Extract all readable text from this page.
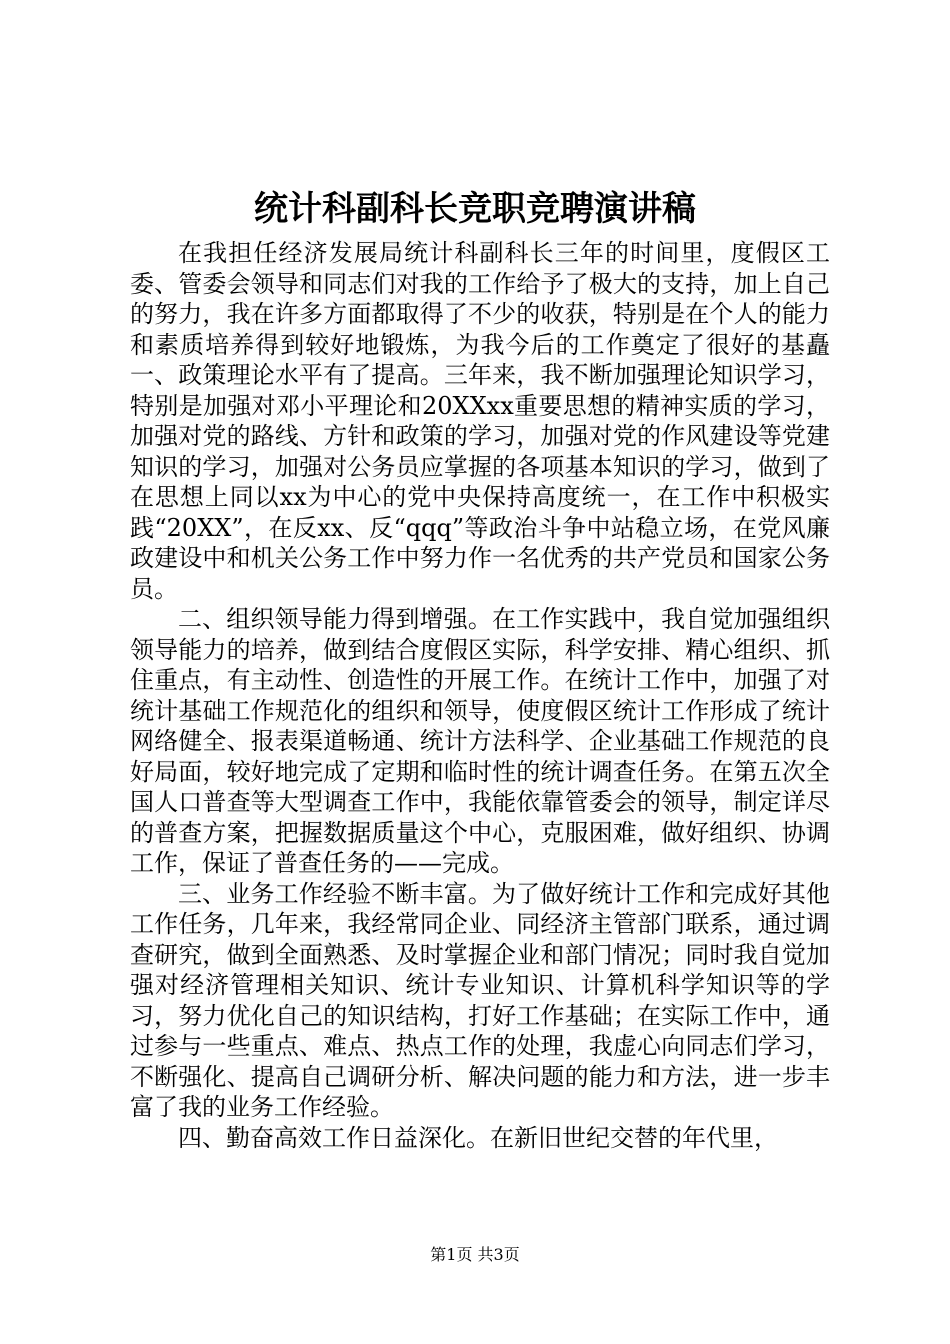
统计科副科长竞职竞聘演讲稿

在我担任经济发展局统计科副科长三年的时间里，度假区工委、管委会领导和同志们对我的工作给予了极大的支持，加上自己的努力，我在许多方面都取得了不少的收获，特别是在个人的能力和素质培养得到较好地锻炼，为我今后的工作奠定了很好的基矗一、政策理论水平有了提高。三年来，我不断加强理论知识学习，特别是加强对邓小平理论和20XXxx重要思想的精神实质的学习，加强对党的路线、方针和政策的学习，加强对党的作风建设等党建知识的学习，加强对公务员应掌握的各项基本知识的学习，做到了在思想上同以xx为中心的党中央保持高度统一，在工作中积极实践“20XX”，在反xx、反“qqq”等政治斗争中站稳立场，在党风廉政建设中和机关公务工作中努力作一名优秀的共产党员和国家公务员。

二、组织领导能力得到增强。在工作实践中，我自觉加强组织领导能力的培养，做到结合度假区实际，科学安排、精心组织、抓住重点，有主动性、创造性的开展工作。在统计工作中，加强了对统计基础工作规范化的组织和领导，使度假区统计工作形成了统计网络健全、报表渠道畅通、统计方法科学、企业基础工作规范的良好局面，较好地完成了定期和临时性的统计调查任务。在第五次全国人口普查等大型调查工作中，我能依靠管委会的领导，制定详尽的普查方案，把握数据质量这个中心，克服困难，做好组织、协调工作，保证了普查任务的——完成。

三、业务工作经验不断丰富。为了做好统计工作和完成好其他工作任务，几年来，我经常同企业、同经济主管部门联系，通过调查研究，做到全面熟悉、及时掌握企业和部门情况；同时我自觉加强对经济管理相关知识、统计专业知识、计算机科学知识等的学习，努力优化自己的知识结构，打好工作基础；在实际工作中，通过参与一些重点、难点、热点工作的处理，我虚心向同志们学习，不断强化、提高自己调研分析、解决问题的能力和方法，进一步丰富了我的业务工作经验。

四、勤奋高效工作日益深化。在新旧世纪交替的年代里，

第1页 共3页
